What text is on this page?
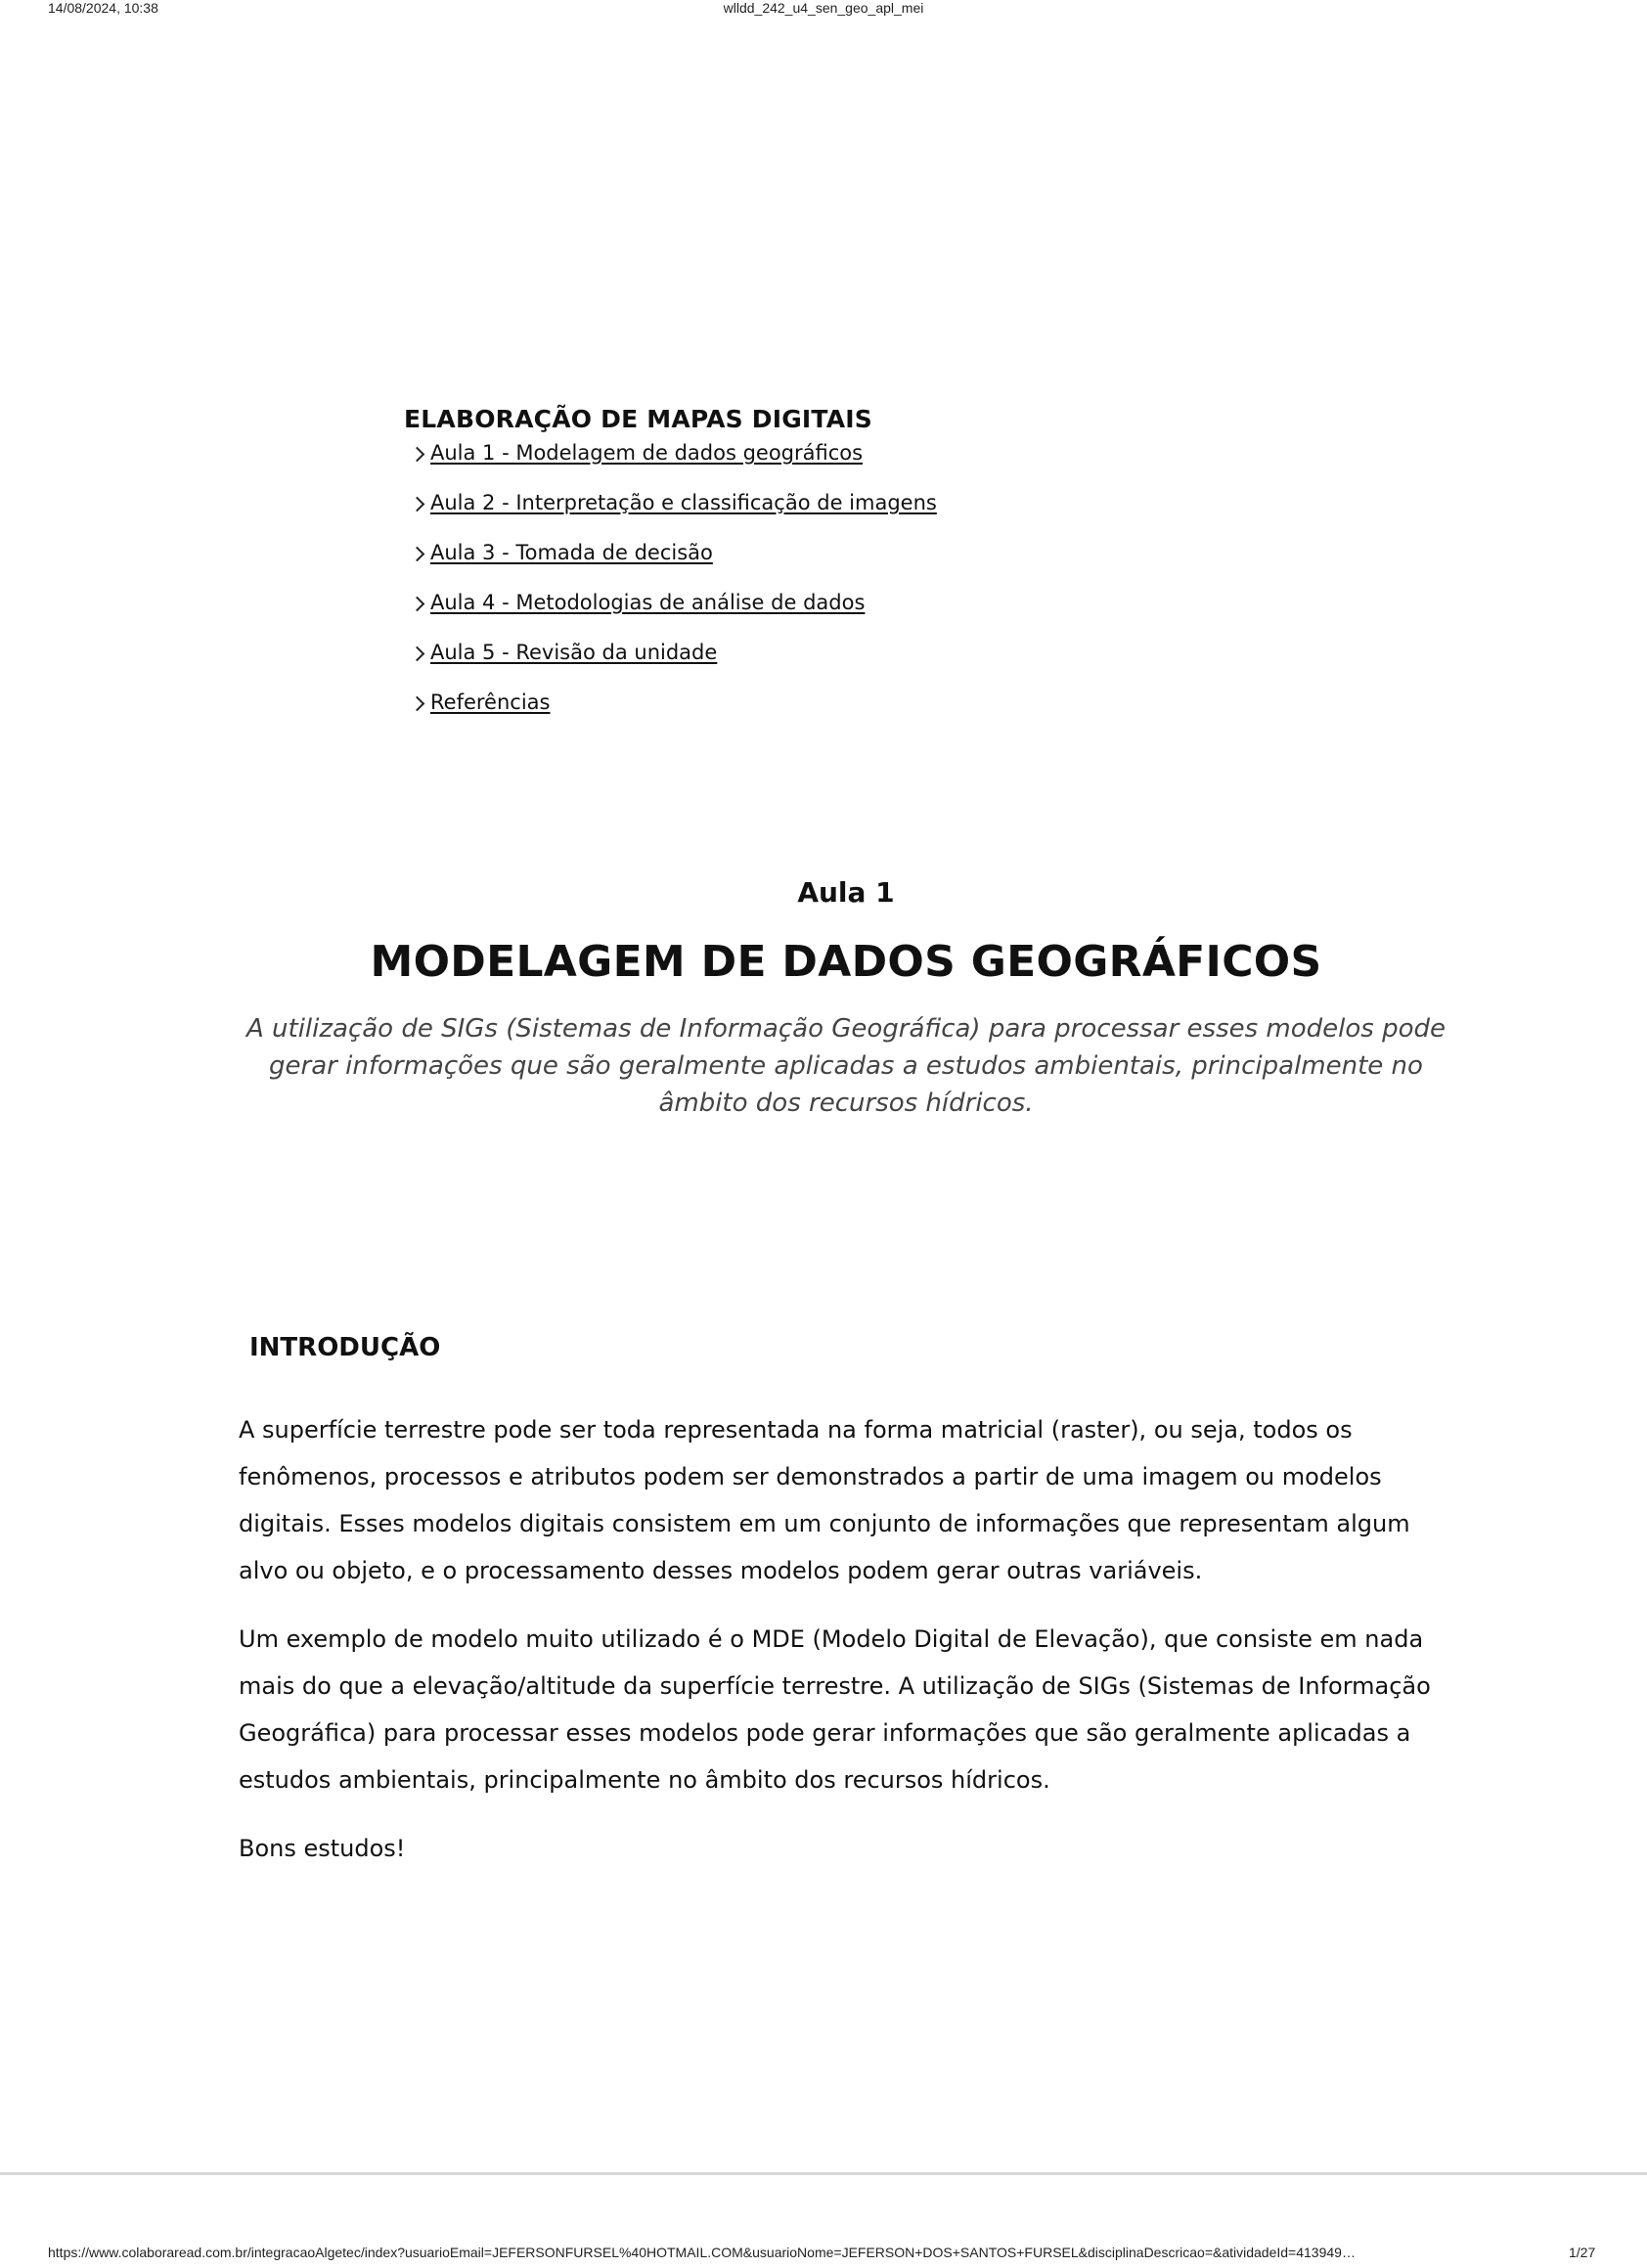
14/08/2024, 10:38	wlldd_242_u4_sen_geo_apl_mei
ELABORAÇÃO DE MAPAS DIGITAIS
Aula 1 - Modelagem de dados geográficos
Aula 2 - Interpretação e classificação de imagens
Aula 3 - Tomada de decisão
Aula 4 - Metodologias de análise de dados
Aula 5 - Revisão da unidade
Referências
Aula 1
MODELAGEM DE DADOS GEOGRÁFICOS
A utilização de SIGs (Sistemas de Informação Geográfica) para processar esses modelos pode gerar informações que são geralmente aplicadas a estudos ambientais, principalmente no âmbito dos recursos hídricos.
INTRODUÇÃO

A superfície terrestre pode ser toda representada na forma matricial (raster), ou seja, todos os fenômenos, processos e atributos podem ser demonstrados a partir de uma imagem ou modelos digitais. Esses modelos digitais consistem em um conjunto de informações que representam algum alvo ou objeto, e o processamento desses modelos podem gerar outras variáveis.

Um exemplo de modelo muito utilizado é o MDE (Modelo Digital de Elevação), que consiste em nada mais do que a elevação/altitude da superfície terrestre. A utilização de SIGs (Sistemas de Informação Geográfica) para processar esses modelos pode gerar informações que são geralmente aplicadas a estudos ambientais, principalmente no âmbito dos recursos hídricos.

Bons estudos!

https://www.colaboraread.com.br/integracaoAlgetec/index?usuarioEmail=JEFERSONFURSEL%40HOTMAIL.COM&usuarioNome=JEFERSON+DOS+SANTOS+FURSEL&disciplinaDescricao=&atividadeId=413949…	1/27
